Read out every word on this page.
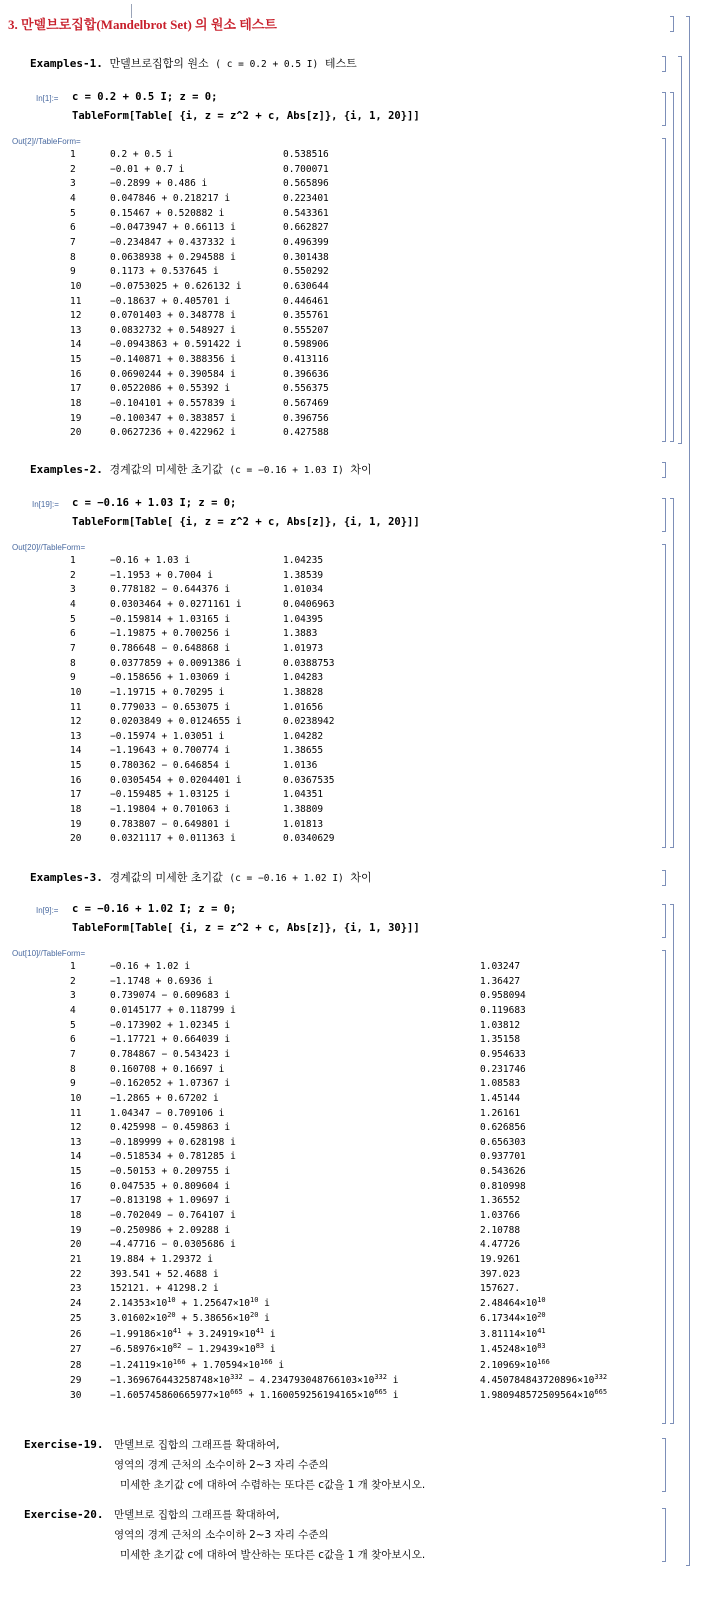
3. 만델브로집합(Mandelbrot Set) 의 원소 테스트
Examples-1. 만델브로집합의 원소 ( c = 0.2 + 0.5 I) 테스트
In[1]:= c = 0.2 + 0.5 I; z = 0;
TableForm[Table[ {i, z = z^2 + c, Abs[z]}, {i, 1, 20}]]
Out[2]//TableForm=
1	0.2 + 0.5 i	0.538516
2	−0.01 + 0.7 i	0.700071
3	−0.2899 + 0.486 i	0.565896
4	0.047846 + 0.218217 i	0.223401
5	0.15467 + 0.520882 i	0.543361
6	−0.0473947 + 0.66113 i	0.662827
7	−0.234847 + 0.437332 i	0.496399
8	0.0638938 + 0.294588 i	0.301438
9	0.1173 + 0.537645 i	0.550292
10	−0.0753025 + 0.626132 i	0.630644
11	−0.18637 + 0.405701 i	0.446461
12	0.0701403 + 0.348778 i	0.355761
13	0.0832732 + 0.548927 i	0.555207
14	−0.0943863 + 0.591422 i	0.598906
15	−0.140871 + 0.388356 i	0.413116
16	0.0690244 + 0.390584 i	0.396636
17	0.0522086 + 0.55392 i	0.556375
18	−0.104101 + 0.557839 i	0.567469
19	−0.100347 + 0.383857 i	0.396756
20	0.0627236 + 0.422962 i	0.427588
Examples-2. 경계값의 미세한 초기값 (c = −0.16 + 1.03 I) 차이
In[19]:= c = −0.16 + 1.03 I; z = 0;
TableForm[Table[ {i, z = z^2 + c, Abs[z]}, {i, 1, 20}]]
Out[20]//TableForm=
1	−0.16 + 1.03 i	1.04235
2	−1.1953 + 0.7004 i	1.38539
3	0.778182 − 0.644376 i	1.01034
4	0.0303464 + 0.0271161 i	0.0406963
5	−0.159814 + 1.03165 i	1.04395
6	−1.19875 + 0.700256 i	1.3883
7	0.786648 − 0.648868 i	1.01973
8	0.0377859 + 0.0091386 i	0.0388753
9	−0.158656 + 1.03069 i	1.04283
10	−1.19715 + 0.70295 i	1.38828
11	0.779033 − 0.653075 i	1.01656
12	0.0203849 + 0.0124655 i	0.0238942
13	−0.15974 + 1.03051 i	1.04282
14	−1.19643 + 0.700774 i	1.38655
15	0.780362 − 0.646854 i	1.0136
16	0.0305454 + 0.0204401 i	0.0367535
17	−0.159485 + 1.03125 i	1.04351
18	−1.19804 + 0.701063 i	1.38809
19	0.783807 − 0.649801 i	1.01813
20	0.0321117 + 0.011363 i	0.0340629
Examples-3. 경계값의 미세한 초기값 (c = −0.16 + 1.02 I) 차이
In[9]:= c = −0.16 + 1.02 I; z = 0;
TableForm[Table[ {i, z = z^2 + c, Abs[z]}, {i, 1, 30}]]
Out[10]//TableForm=
1	−0.16 + 1.02 i	1.03247
2	−1.1748 + 0.6936 i	1.36427
3	0.739074 − 0.609683 i	0.958094
4	0.0145177 + 0.118799 i	0.119683
5	−0.173902 + 1.02345 i	1.03812
6	−1.17721 + 0.664039 i	1.35158
7	0.784867 − 0.543423 i	0.954633
8	0.160708 + 0.16697 i	0.231746
9	−0.162052 + 1.07367 i	1.08583
10	−1.2865 + 0.67202 i	1.45144
11	1.04347 − 0.709106 i	1.26161
12	0.425998 − 0.459863 i	0.626856
13	−0.189999 + 0.628198 i	0.656303
14	−0.518534 + 0.781285 i	0.937701
15	−0.50153 + 0.209755 i	0.543626
16	0.047535 + 0.809604 i	0.810998
17	−0.813198 + 1.09697 i	1.36552
18	−0.702049 − 0.764107 i	1.03766
19	−0.250986 + 2.09288 i	2.10788
20	−4.47716 − 0.0305686 i	4.47726
21	19.884 + 1.29372 i	19.9261
22	393.541 + 52.4688 i	397.023
23	152121. + 41298.2 i	157627.
24	$2.14353\times 10^{10} + 1.25647\times 10^{10}$ i	$2.48464\times 10^{10}$
25	$3.01602\times 10^{20} + 5.38656\times 10^{20}$ i	$6.17344\times 10^{20}$
26	$-1.99186\times 10^{41} + 3.24919\times 10^{41}$ i	$3.81114\times 10^{41}$
27	$-6.58976\times 10^{82} - 1.29439\times 10^{83}$ i	$1.45248\times 10^{83}$
28	$-1.24119\times 10^{166} + 1.70594\times 10^{166}$ i	$2.10969\times 10^{166}$
29	$-1.369676443258748\times 10^{332} - 4.234793048766103\times 10^{332}$ i	$4.450784843720896\times 10^{332}$
30	$-1.605745860665977\times 10^{665} + 1.160059256194165\times 10^{665}$ i	$1.980948572509564\times 10^{665}$
Exercise-19. 만델브로 집합의 그래프를 확대하여,
영역의 경계 근처의 소수이하 2~3 자리 수준의
미세한 초기값 c에 대하여 수렴하는 또다른 c값을 1 개 찾아보시오.
Exercise-20. 만델브로 집합의 그래프를 확대하여,
영역의 경계 근처의 소수이하 2~3 자리 수준의
미세한 초기값 c에 대하여 발산하는 또다른 c값을 1 개 찾아보시오.
